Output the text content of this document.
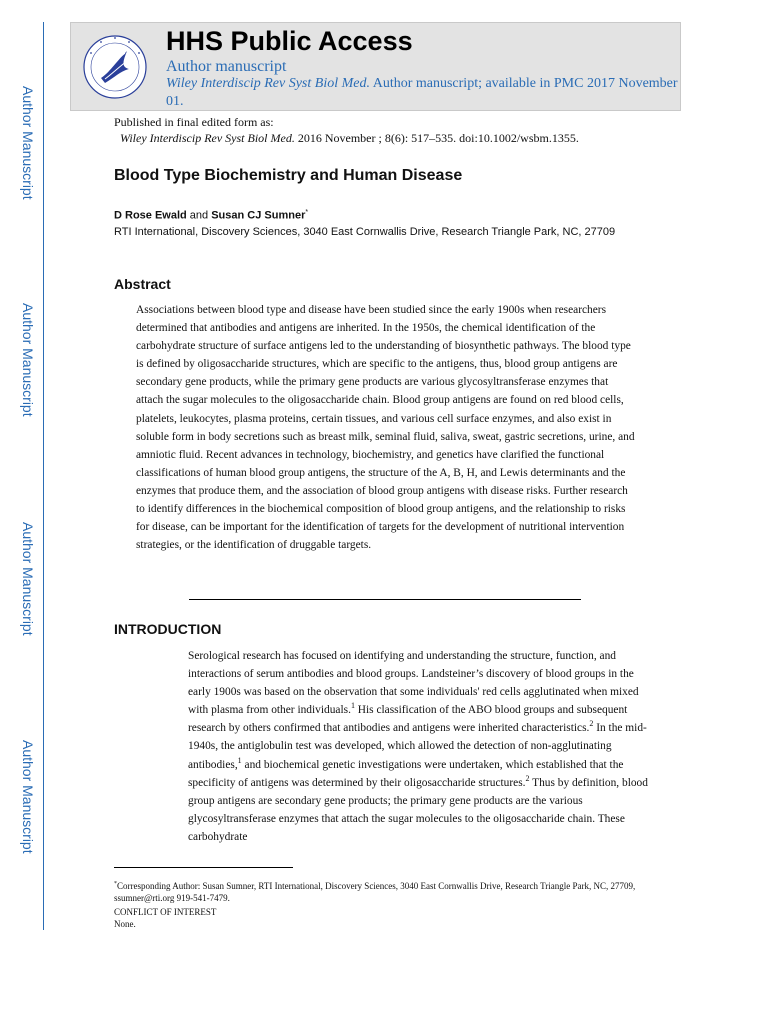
Author Manuscript
Author Manuscript
Author Manuscript
Author Manuscript
HHS Public Access
Author manuscript
Wiley Interdiscip Rev Syst Biol Med. Author manuscript; available in PMC 2017 November 01.
Published in final edited form as:
Wiley Interdiscip Rev Syst Biol Med. 2016 November ; 8(6): 517–535. doi:10.1002/wsbm.1355.
Blood Type Biochemistry and Human Disease
D Rose Ewald and Susan CJ Sumner*
RTI International, Discovery Sciences, 3040 East Cornwallis Drive, Research Triangle Park, NC, 27709
Abstract
Associations between blood type and disease have been studied since the early 1900s when researchers determined that antibodies and antigens are inherited. In the 1950s, the chemical identification of the carbohydrate structure of surface antigens led to the understanding of biosynthetic pathways. The blood type is defined by oligosaccharide structures, which are specific to the antigens, thus, blood group antigens are secondary gene products, while the primary gene products are various glycosyltransferase enzymes that attach the sugar molecules to the oligosaccharide chain. Blood group antigens are found on red blood cells, platelets, leukocytes, plasma proteins, certain tissues, and various cell surface enzymes, and also exist in soluble form in body secretions such as breast milk, seminal fluid, saliva, sweat, gastric secretions, urine, and amniotic fluid. Recent advances in technology, biochemistry, and genetics have clarified the functional classifications of human blood group antigens, the structure of the A, B, H, and Lewis determinants and the enzymes that produce them, and the association of blood group antigens with disease risks. Further research to identify differences in the biochemical composition of blood group antigens, and the relationship to risks for disease, can be important for the identification of targets for the development of nutritional intervention strategies, or the identification of druggable targets.
INTRODUCTION
Serological research has focused on identifying and understanding the structure, function, and interactions of serum antibodies and blood groups. Landsteiner’s discovery of blood groups in the early 1900s was based on the observation that some individuals' red cells agglutinated when mixed with plasma from other individuals.$^1$ His classification of the ABO blood groups and subsequent research by others confirmed that antibodies and antigens were inherited characteristics.$^2$ In the mid-1940s, the antiglobulin test was developed, which allowed the detection of non-agglutinating antibodies,$^1$ and biochemical genetic investigations were undertaken, which established that the specificity of antigens was determined by their oligosaccharide structures.$^2$ Thus by definition, blood group antigens are secondary gene products; the primary gene products are the various glycosyltransferase enzymes that attach the sugar molecules to the oligosaccharide chain. These carbohydrate
*Corresponding Author: Susan Sumner, RTI International, Discovery Sciences, 3040 East Cornwallis Drive, Research Triangle Park, NC, 27709, ssumner@rti.org 919-541-7479.
CONFLICT OF INTEREST
None.
